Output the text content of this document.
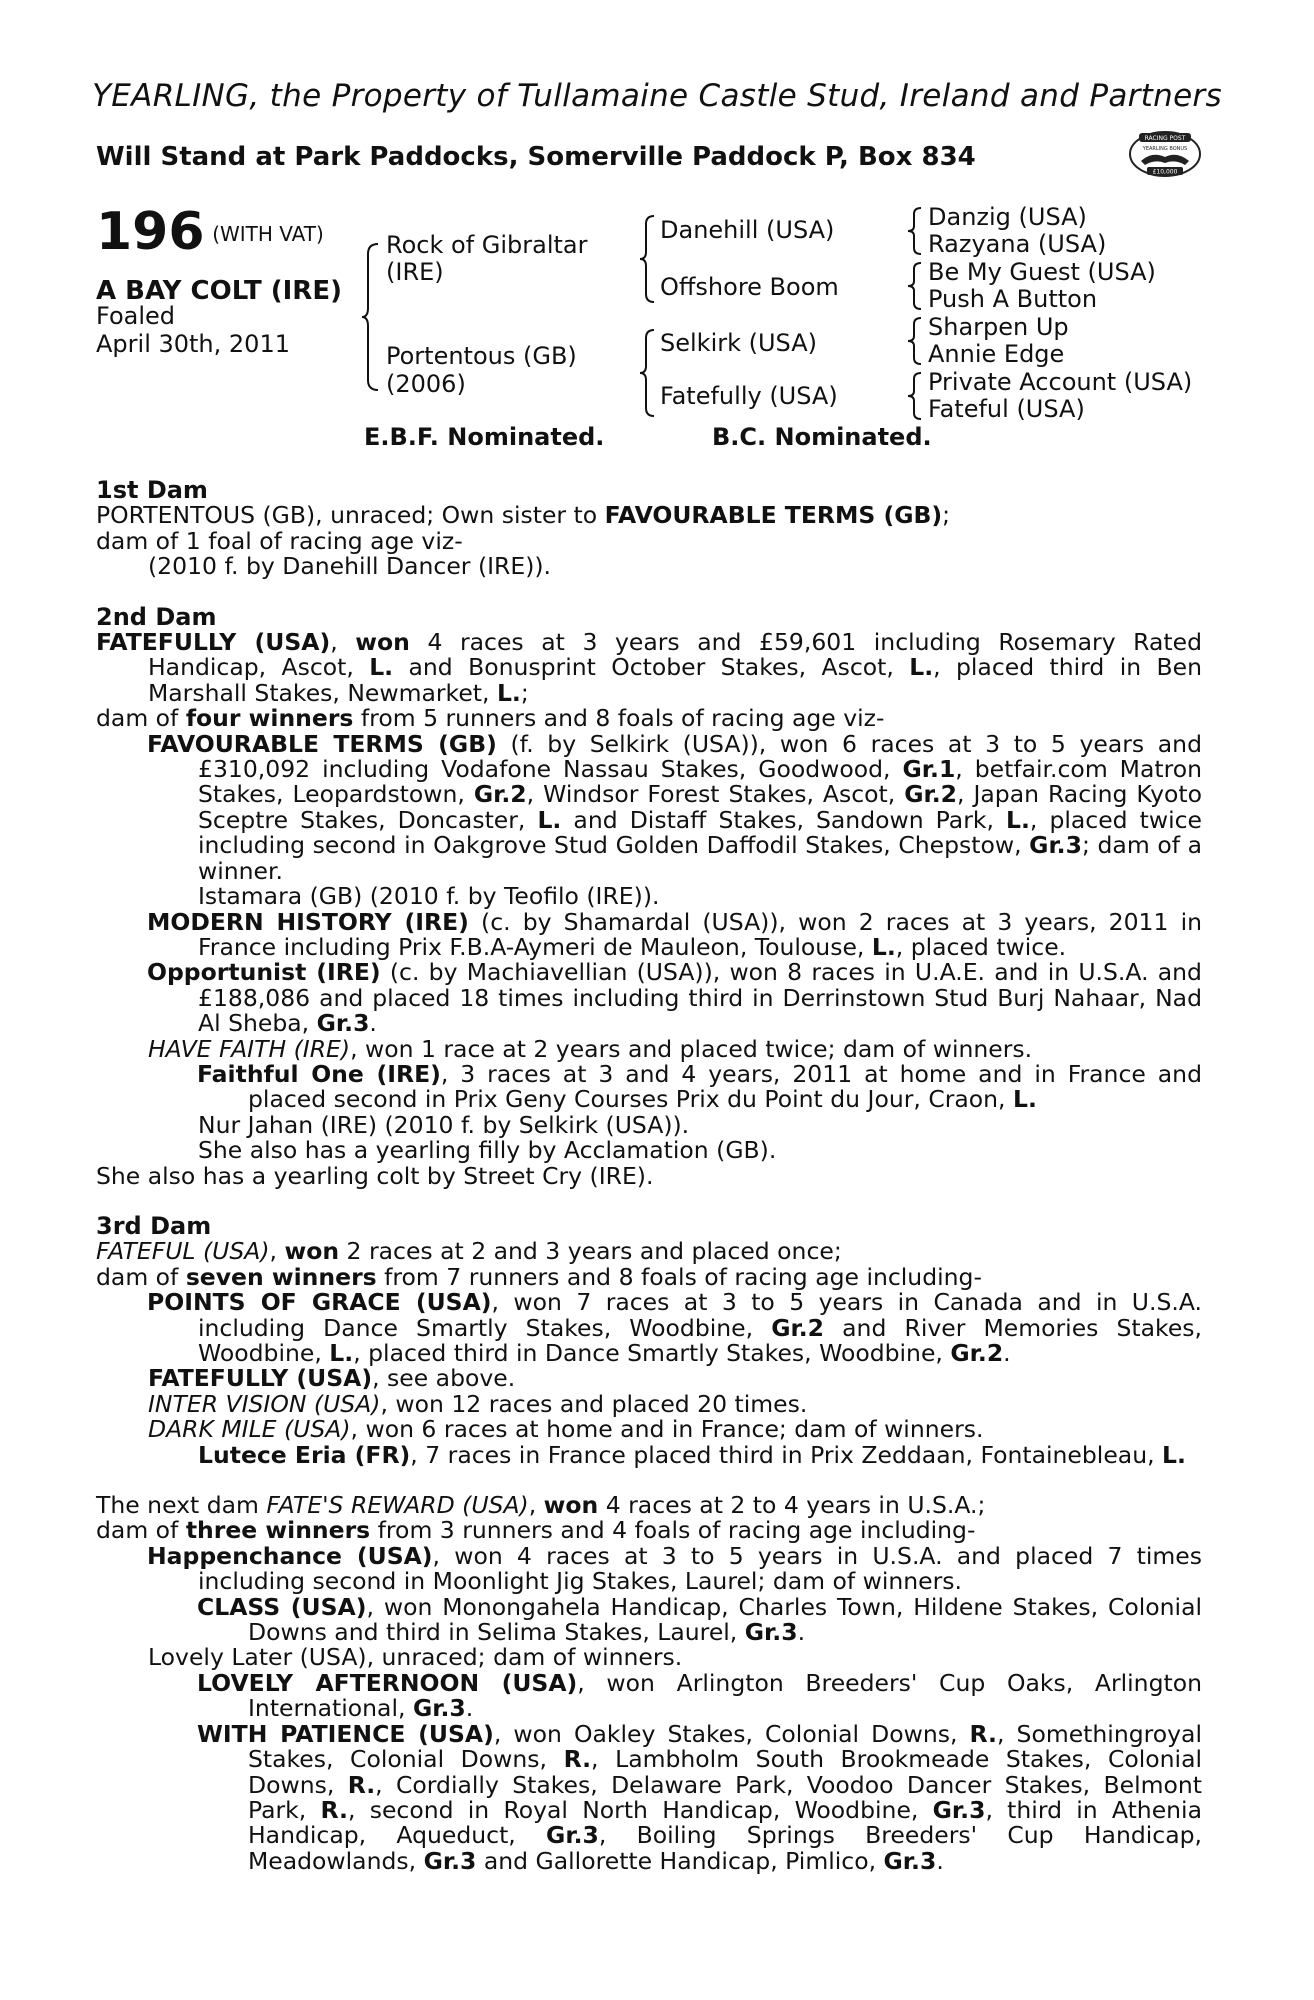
YEARLING, the Property of Tullamaine Castle Stud, Ireland and Partners
Will Stand at Park Paddocks, Somerville Paddock P, Box 834
RACING POST
YEARLING BONUS
£10,000
196 $^{(WITH VAT)}$
A BAY COLT (IRE)
Foaled
April 30th, 2011
Rock of Gibraltar
(IRE)
Portentous (GB)
(2006)
Danehill (USA)
Offshore Boom
Selkirk (USA)
Fatefully (USA)
Danzig (USA)
Razyana (USA)
Be My Guest (USA)
Push A Button
Sharpen Up
Annie Edge
Private Account (USA)
Fateful (USA)
E.B.F. Nominated.	B.C. Nominated.
1st Dam

PORTENTOUS (GB), unraced; Own sister to FAVOURABLE TERMS (GB);

dam of 1 foal of racing age viz-

(2010 f. by Danehill Dancer (IRE)).

2nd Dam

FATEFULLY (USA), won 4 races at 3 years and £59,601 including Rosemary Rated Handicap, Ascot, L. and Bonusprint October Stakes, Ascot, L., placed third in Ben Marshall Stakes, Newmarket, L.;

dam of four winners from 5 runners and 8 foals of racing age viz-

FAVOURABLE TERMS (GB) (f. by Selkirk (USA)), won 6 races at 3 to 5 years and £310,092 including Vodafone Nassau Stakes, Goodwood, Gr.1, betfair.com Matron Stakes, Leopardstown, Gr.2, Windsor Forest Stakes, Ascot, Gr.2, Japan Racing Kyoto Sceptre Stakes, Doncaster, L. and Distaff Stakes, Sandown Park, L., placed twice including second in Oakgrove Stud Golden Daffodil Stakes, Chepstow, Gr.3; dam of a winner.

Istamara (GB) (2010 f. by Teofilo (IRE)).

MODERN HISTORY (IRE) (c. by Shamardal (USA)), won 2 races at 3 years, 2011 in France including Prix F.B.A-Aymeri de Mauleon, Toulouse, L., placed twice.

Opportunist (IRE) (c. by Machiavellian (USA)), won 8 races in U.A.E. and in U.S.A. and £188,086 and placed 18 times including third in Derrinstown Stud Burj Nahaar, Nad Al Sheba, Gr.3.

HAVE FAITH (IRE), won 1 race at 2 years and placed twice; dam of winners.

Faithful One (IRE), 3 races at 3 and 4 years, 2011 at home and in France and placed second in Prix Geny Courses Prix du Point du Jour, Craon, L.

Nur Jahan (IRE) (2010 f. by Selkirk (USA)).

She also has a yearling filly by Acclamation (GB).

She also has a yearling colt by Street Cry (IRE).

3rd Dam

FATEFUL (USA), won 2 races at 2 and 3 years and placed once;

dam of seven winners from 7 runners and 8 foals of racing age including-

POINTS OF GRACE (USA), won 7 races at 3 to 5 years in Canada and in U.S.A. including Dance Smartly Stakes, Woodbine, Gr.2 and River Memories Stakes, Woodbine, L., placed third in Dance Smartly Stakes, Woodbine, Gr.2.

FATEFULLY (USA), see above.

INTER VISION (USA), won 12 races and placed 20 times.

DARK MILE (USA), won 6 races at home and in France; dam of winners.

Lutece Eria (FR), 7 races in France placed third in Prix Zeddaan, Fontainebleau, L.

The next dam FATE'S REWARD (USA), won 4 races at 2 to 4 years in U.S.A.;

dam of three winners from 3 runners and 4 foals of racing age including-

Happenchance (USA), won 4 races at 3 to 5 years in U.S.A. and placed 7 times including second in Moonlight Jig Stakes, Laurel; dam of winners.

CLASS (USA), won Monongahela Handicap, Charles Town, Hildene Stakes, Colonial Downs and third in Selima Stakes, Laurel, Gr.3.

Lovely Later (USA), unraced; dam of winners.

LOVELY AFTERNOON (USA), won Arlington Breeders' Cup Oaks, Arlington International, Gr.3.

WITH PATIENCE (USA), won Oakley Stakes, Colonial Downs, R., Somethingroyal Stakes, Colonial Downs, R., Lambholm South Brookmeade Stakes, Colonial Downs, R., Cordially Stakes, Delaware Park, Voodoo Dancer Stakes, Belmont Park, R., second in Royal North Handicap, Woodbine, Gr.3, third in Athenia Handicap, Aqueduct, Gr.3, Boiling Springs Breeders' Cup Handicap, Meadowlands, Gr.3 and Gallorette Handicap, Pimlico, Gr.3.
